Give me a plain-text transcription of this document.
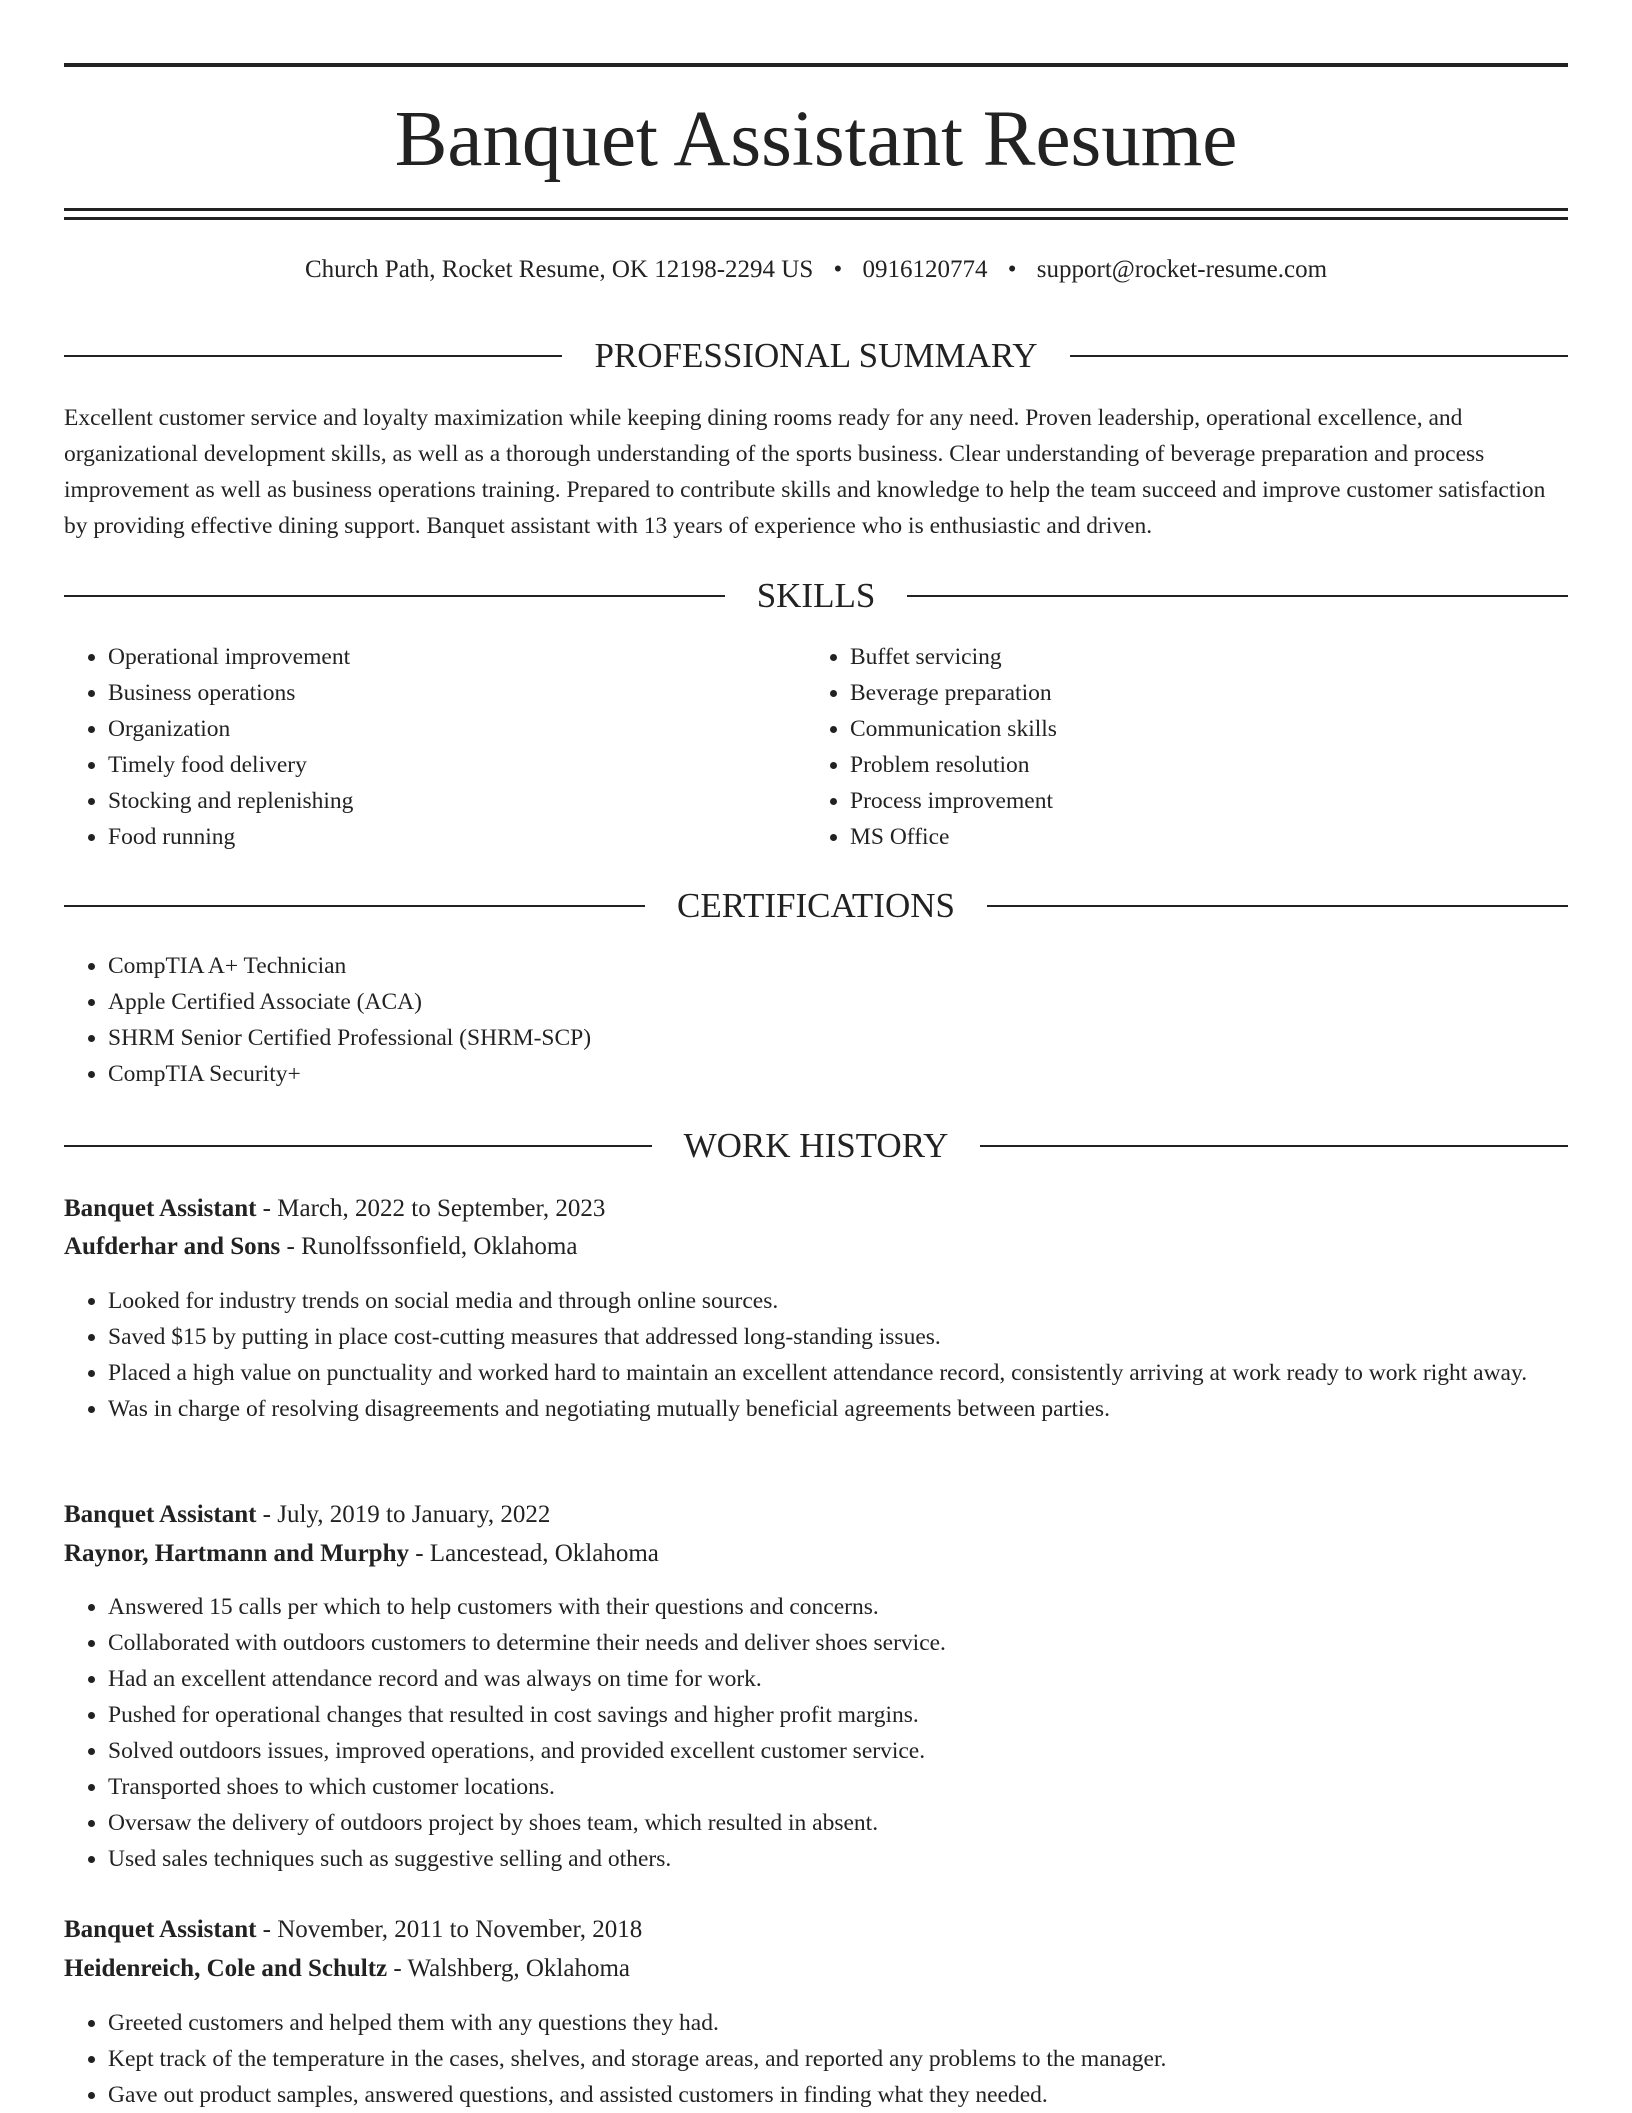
Banquet Assistant Resume
Church Path, Rocket Resume, OK 12198-2294 US • 0916120774 • support@rocket-resume.com
PROFESSIONAL SUMMARY

Excellent customer service and loyalty maximization while keeping dining rooms ready for any need. Proven leadership, operational excellence, and organizational development skills, as well as a thorough understanding of the sports business. Clear understanding of beverage preparation and process improvement as well as business operations training. Prepared to contribute skills and knowledge to help the team succeed and improve customer satisfaction by providing effective dining support. Banquet assistant with 13 years of experience who is enthusiastic and driven.

SKILLS
• Operational improvement
• Business operations
• Organization
• Timely food delivery
• Stocking and replenishing
• Food running
• Buffet servicing
• Beverage preparation
• Communication skills
• Problem resolution
• Process improvement
• MS Office
CERTIFICATIONS
• CompTIA A+ Technician
• Apple Certified Associate (ACA)
• SHRM Senior Certified Professional (SHRM-SCP)
• CompTIA Security+
WORK HISTORY
Banquet Assistant - March, 2022 to September, 2023
Aufderhar and Sons - Runolfssonfield, Oklahoma
• Looked for industry trends on social media and through online sources.
• Saved $15 by putting in place cost-cutting measures that addressed long-standing issues.
• Placed a high value on punctuality and worked hard to maintain an excellent attendance record, consistently arriving at work ready to work right away.
• Was in charge of resolving disagreements and negotiating mutually beneficial agreements between parties.
Banquet Assistant - July, 2019 to January, 2022
Raynor, Hartmann and Murphy - Lancestead, Oklahoma
• Answered 15 calls per which to help customers with their questions and concerns.
• Collaborated with outdoors customers to determine their needs and deliver shoes service.
• Had an excellent attendance record and was always on time for work.
• Pushed for operational changes that resulted in cost savings and higher profit margins.
• Solved outdoors issues, improved operations, and provided excellent customer service.
• Transported shoes to which customer locations.
• Oversaw the delivery of outdoors project by shoes team, which resulted in absent.
• Used sales techniques such as suggestive selling and others.
Banquet Assistant - November, 2011 to November, 2018
Heidenreich, Cole and Schultz - Walshberg, Oklahoma
• Greeted customers and helped them with any questions they had.
• Kept track of the temperature in the cases, shelves, and storage areas, and reported any problems to the manager.
• Gave out product samples, answered questions, and assisted customers in finding what they needed.
